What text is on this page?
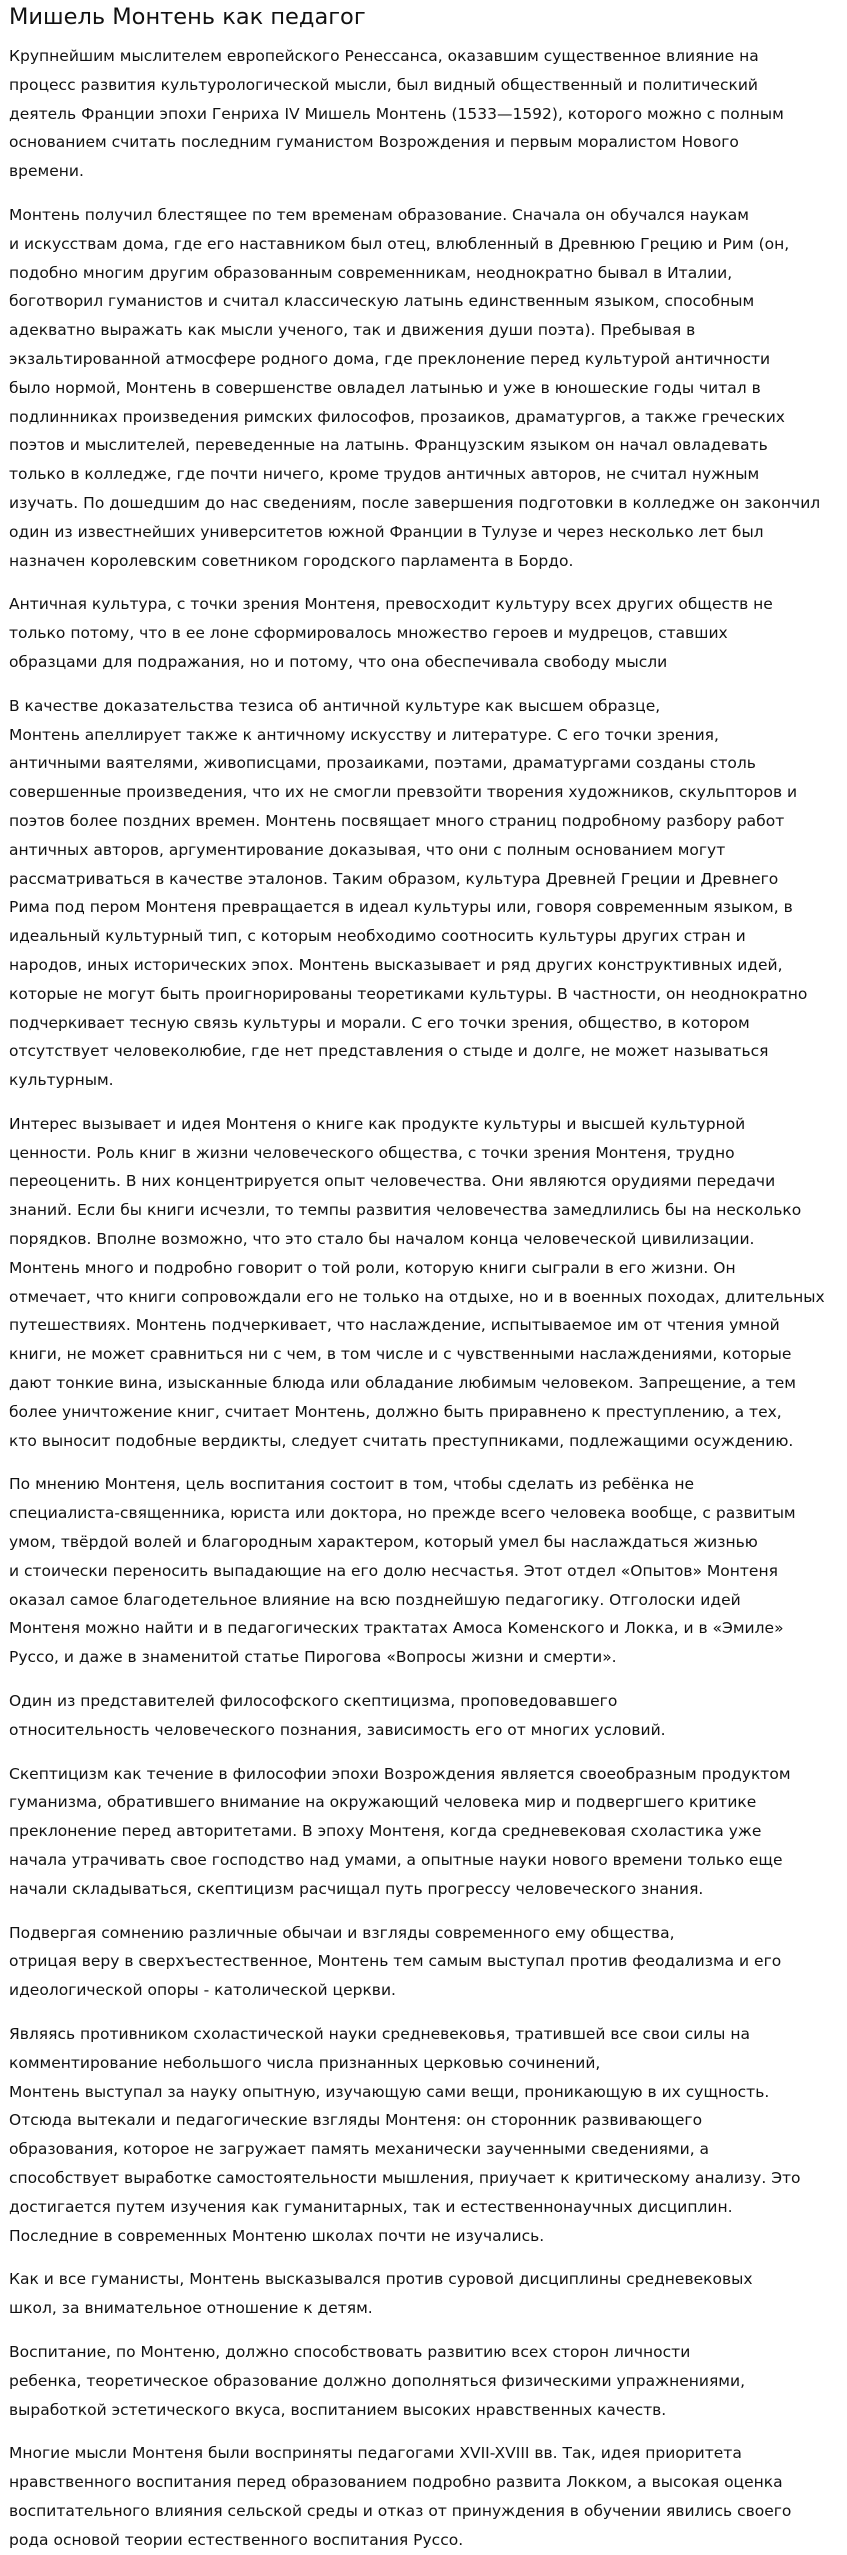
Мишель Монтень как педагог

Крупнейшим мыслителем европейского Ренессанса, оказавшим существенное влияние на
процесс развития культурологической мысли, был видный общественный и политический
деятель Франции эпохи Генриха IV Мишель Монтень (1533—1592), которого можно с полным
основанием считать последним гуманистом Возрождения и первым моралистом Нового
времени.

Монтень получил блестящее по тем временам образование. Сначала он обучался наукам
и искусствам дома, где его наставником был отец, влюбленный в Древнюю Грецию и Рим (он,
подобно многим другим образованным современникам, неоднократно бывал в Италии,
боготворил гуманистов и считал классическую латынь единственным языком, способным
адекватно выражать как мысли ученого, так и движения души поэта). Пребывая в
экзальтированной атмосфере родного дома, где преклонение перед культурой античности
было нормой, Монтень в совершенстве овладел латынью и уже в юношеские годы читал в
подлинниках произведения римских философов, прозаиков, драматургов, а также греческих
поэтов и мыслителей, переведенные на латынь. Французским языком он начал овладевать
только в колледже, где почти ничего, кроме трудов античных авторов, не считал нужным
изучать. По дошедшим до нас сведениям, после завершения подготовки в колледже он закончил
один из известнейших университетов южной Франции в Тулузе и через несколько лет был
назначен королевским советником городского парламента в Бордо.

Античная культура, с точки зрения Монтеня, превосходит культуру всех других обществ не
только потому, что в ее лоне сформировалось множество героев и мудрецов, ставших
образцами для подражания, но и потому, что она обеспечивала свободу мысли

В качестве доказательства тезиса об античной культуре как высшем образце,
Монтень апеллирует также к античному искусству и литературе. С его точки зрения,
античными ваятелями, живописцами, прозаиками, поэтами, драматургами созданы столь
совершенные произведения, что их не смогли превзойти творения художников, скульпторов и
поэтов более поздних времен. Монтень посвящает много страниц подробному разбору работ
античных авторов, аргументирование доказывая, что они с полным основанием могут
рассматриваться в качестве эталонов. Таким образом, культура Древней Греции и Древнего
Рима под пером Монтеня превращается в идеал культуры или, говоря современным языком, в
идеальный культурный тип, с которым необходимо соотносить культуры других стран и
народов, иных исторических эпох. Монтень высказывает и ряд других конструктивных идей,
которые не могут быть проигнорированы теоретиками культуры. В частности, он неоднократно
подчеркивает тесную связь культуры и морали. С его точки зрения, общество, в котором
отсутствует человеколюбие, где нет представления о стыде и долге, не может называться
культурным.

Интерес вызывает и идея Монтеня о книге как продукте культуры и высшей культурной
ценности. Роль книг в жизни человеческого общества, с точки зрения Монтеня, трудно
переоценить. В них концентрируется опыт человечества. Они являются орудиями передачи
знаний. Если бы книги исчезли, то темпы развития человечества замедлились бы на несколько
порядков. Вполне возможно, что это стало бы началом конца человеческой цивилизации.
Монтень много и подробно говорит о той роли, которую книги сыграли в его жизни. Он
отмечает, что книги сопровождали его не только на отдыхе, но и в военных походах, длительных
путешествиях. Монтень подчеркивает, что наслаждение, испытываемое им от чтения умной
книги, не может сравниться ни с чем, в том числе и с чувственными наслаждениями, которые
дают тонкие вина, изысканные блюда или обладание любимым человеком. Запрещение, а тем
более уничтожение книг, считает Монтень, должно быть приравнено к преступлению, а тех,
кто выносит подобные вердикты, следует считать преступниками, подлежащими осуждению.

По мнению Монтеня, цель воспитания состоит в том, чтобы сделать из ребёнка не
специалиста-священника, юриста или доктора, но прежде всего человека вообще, с развитым
умом, твёрдой волей и благородным характером, который умел бы наслаждаться жизнью
и стоически переносить выпадающие на его долю несчастья. Этот отдел «Опытов» Монтеня
оказал самое благодетельное влияние на всю позднейшую педагогику. Отголоски идей
Монтеня можно найти и в педагогических трактатах Амоса Коменского и Локка, и в «Эмиле»
Руссо, и даже в знаменитой статье Пирогова «Вопросы жизни и смерти».

Один из представителей философского скептицизма, проповедовавшего
относительность человеческого познания, зависимость его от многих условий.

Скептицизм как течение в философии эпохи Возрождения является своеобразным продуктом
гуманизма, обратившего внимание на окружающий человека мир и подвергшего критике
преклонение перед авторитетами. В эпоху Монтеня, когда средневековая схоластика уже
начала утрачивать свое господство над умами, а опытные науки нового времени только еще
начали складываться, скептицизм расчищал путь прогрессу человеческого знания.

Подвергая сомнению различные обычаи и взгляды современного ему общества,
отрицая веру в сверхъестественное, Монтень тем самым выступал против феодализма и его
идеологической опоры - католической церкви.

Являясь противником схоластической науки средневековья, тратившей все свои силы на
комментирование небольшого числа признанных церковью сочинений,
Монтень выступал за науку опытную, изучающую сами вещи, проникающую в их сущность.
Отсюда вытекали и педагогические взгляды Монтеня: он сторонник развивающего
образования, которое не загружает память механически заученными сведениями, а
способствует выработке самостоятельности мышления, приучает к критическому анализу. Это
достигается путем изучения как гуманитарных, так и естественнонаучных дисциплин.
Последние в современных Монтеню школах почти не изучались.

Как и все гуманисты, Монтень высказывался против суровой дисциплины средневековых
школ, за внимательное отношение к детям.

Воспитание, по Монтеню, должно способствовать развитию всех сторон личности
ребенка, теоретическое образование должно дополняться физическими упражнениями,
выработкой эстетического вкуса, воспитанием высоких нравственных качеств.

Многие мысли Монтеня были восприняты педагогами XVII-XVIII вв. Так, идея приоритета
нравственного воспитания перед образованием подробно развита Локком, а высокая оценка
воспитательного влияния сельской среды и отказ от принуждения в обучении явились своего
рода основой теории естественного воспитания Руссо.
